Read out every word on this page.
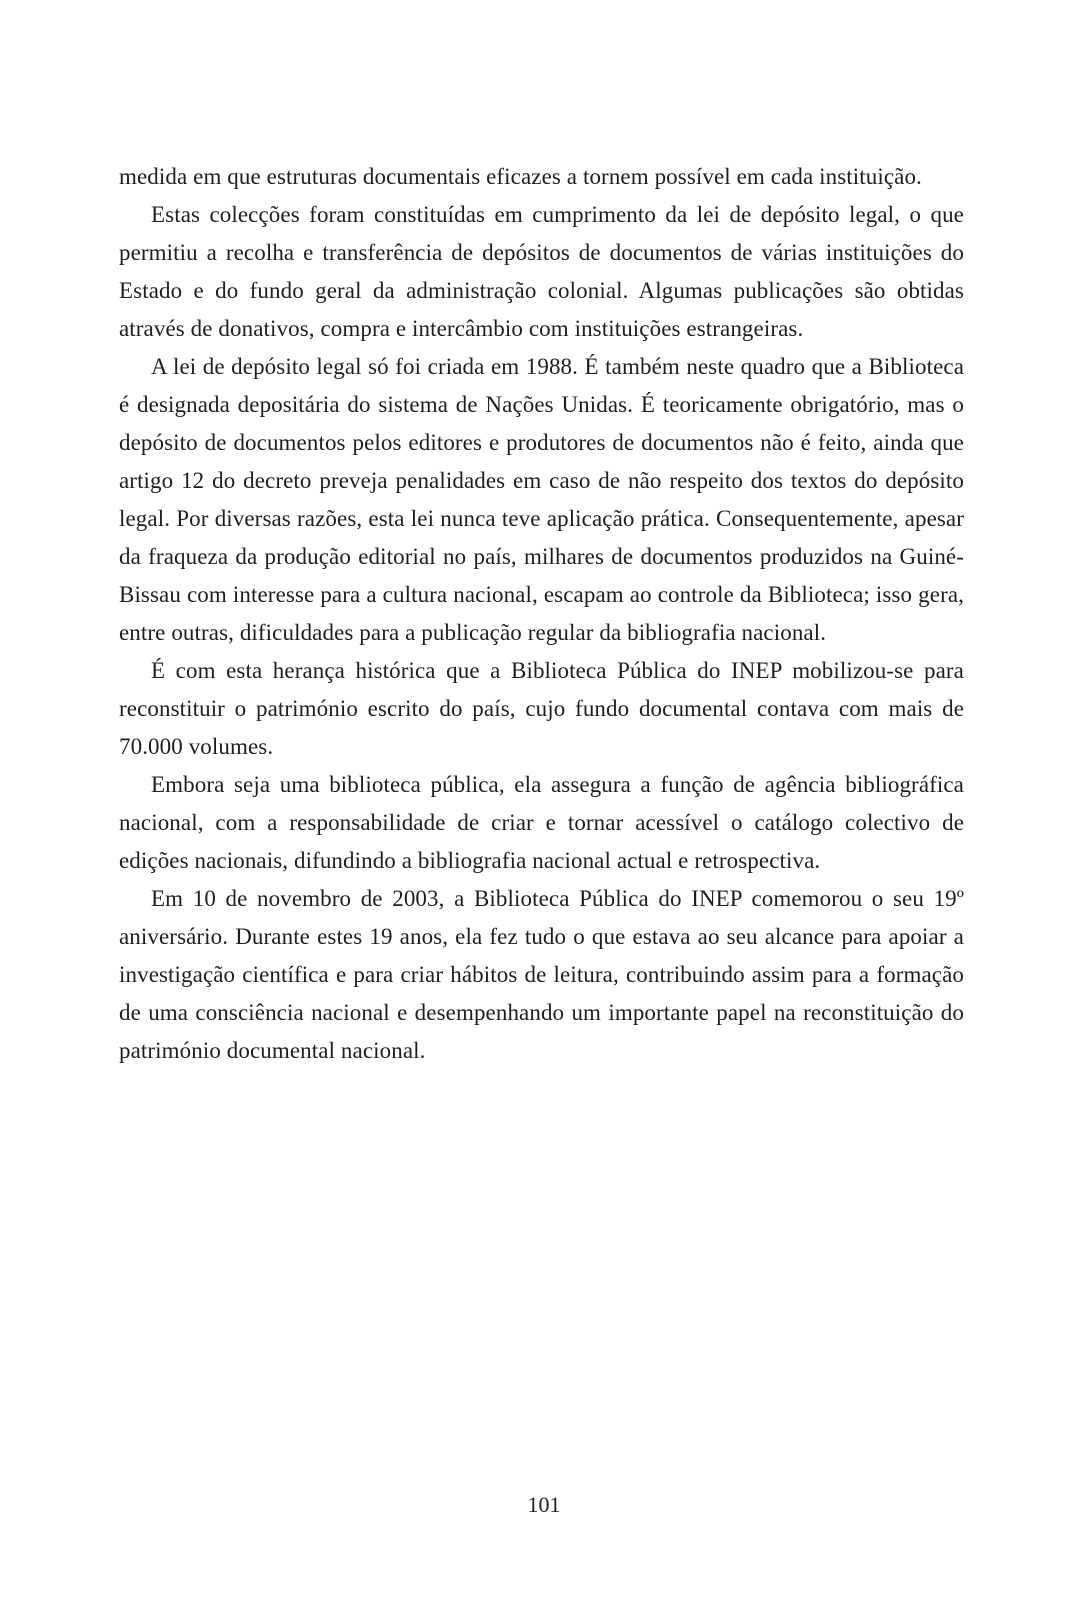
medida em que estruturas documentais eficazes a tornem possível em cada instituição.

Estas colecções foram constituídas em cumprimento da lei de depósito legal, o que permitiu a recolha e transferência de depósitos de documentos de várias instituições do Estado e do fundo geral da administração colonial. Algumas publicações são obtidas através de donativos, compra e intercâmbio com instituições estrangeiras.

A lei de depósito legal só foi criada em 1988. É também neste quadro que a Biblioteca é designada depositária do sistema de Nações Unidas. É teoricamente obrigatório, mas o depósito de documentos pelos editores e produtores de documentos não é feito, ainda que artigo 12 do decreto preveja penalidades em caso de não respeito dos textos do depósito legal. Por diversas razões, esta lei nunca teve aplicação prática. Consequentemente, apesar da fraqueza da produção editorial no país, milhares de documentos produzidos na Guiné-Bissau com interesse para a cultura nacional, escapam ao controle da Biblioteca; isso gera, entre outras, dificuldades para a publicação regular da bibliografia nacional.

É com esta herança histórica que a Biblioteca Pública do INEP mobilizou-se para reconstituir o património escrito do país, cujo fundo documental contava com mais de 70.000 volumes.

Embora seja uma biblioteca pública, ela assegura a função de agência bibliográfica nacional, com a responsabilidade de criar e tornar acessível o catálogo colectivo de edições nacionais, difundindo a bibliografia nacional actual e retrospectiva.

Em 10 de novembro de 2003, a Biblioteca Pública do INEP comemorou o seu 19º aniversário. Durante estes 19 anos, ela fez tudo o que estava ao seu alcance para apoiar a investigação científica e para criar hábitos de leitura, contribuindo assim para a formação de uma consciência nacional e desempenhando um importante papel na reconstituição do património documental nacional.

101
